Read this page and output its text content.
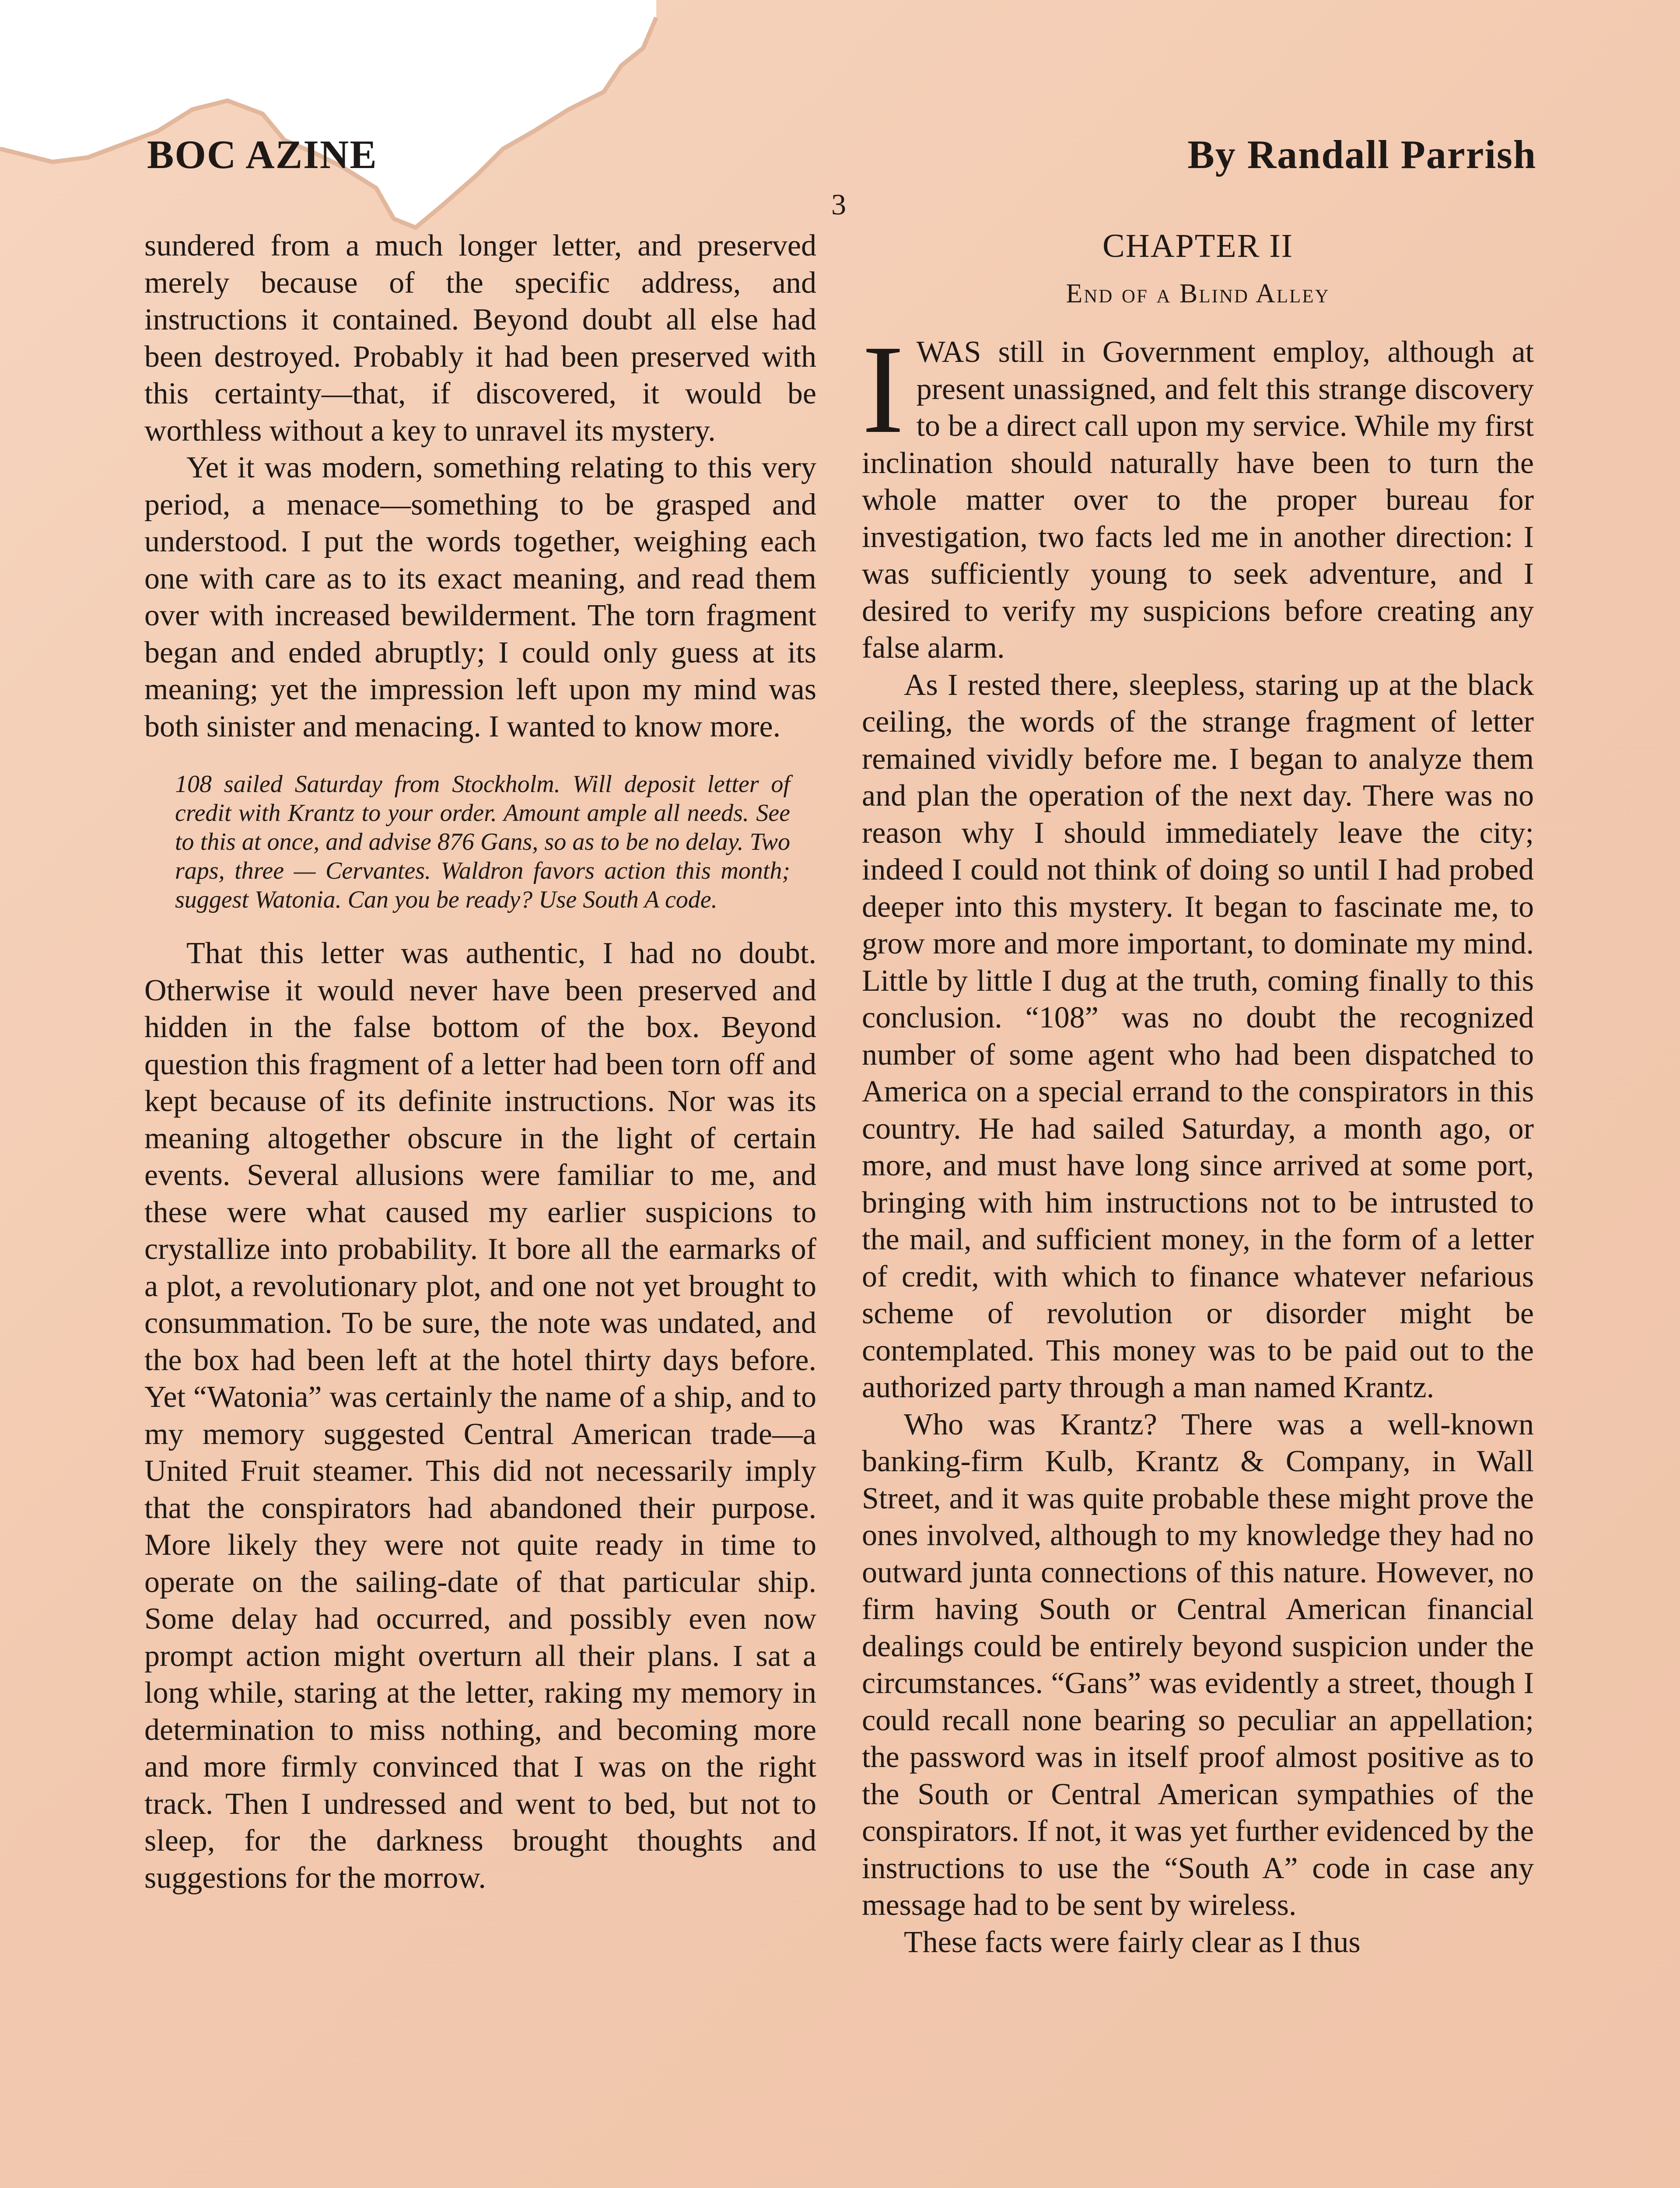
BOC AZINE	By Randall Parrish
3

sundered from a much longer letter, and preserved merely because of the specific address, and instructions it contained. Beyond doubt all else had been destroyed. Probably it had been preserved with this certainty—that, if discovered, it would be worthless without a key to unravel its mystery.

Yet it was modern, something relating to this very period, a menace—something to be grasped and understood. I put the words together, weighing each one with care as to its exact meaning, and read them over with increased bewilderment. The torn fragment began and ended abruptly; I could only guess at its meaning; yet the impression left upon my mind was both sinister and menacing. I wanted to know more.

108 sailed Saturday from Stockholm. Will deposit letter of credit with Krantz to your order. Amount ample all needs. See to this at once, and advise 876 Gans, so as to be no delay. Two raps, three — Cervantes. Waldron favors action this month; suggest Watonia. Can you be ready? Use South A code.

That this letter was authentic, I had no doubt. Otherwise it would never have been preserved and hidden in the false bottom of the box. Beyond question this fragment of a letter had been torn off and kept because of its definite instructions. Nor was its meaning altogether obscure in the light of certain events. Several allusions were familiar to me, and these were what caused my earlier suspicions to crystallize into probability. It bore all the earmarks of a plot, a revolutionary plot, and one not yet brought to consummation. To be sure, the note was undated, and the box had been left at the hotel thirty days before. Yet “Watonia” was certainly the name of a ship, and to my memory suggested Central American trade—a United Fruit steamer. This did not necessarily imply that the conspirators had abandoned their purpose. More likely they were not quite ready in time to operate on the sailing-date of that particular ship. Some delay had occurred, and possibly even now prompt action might overturn all their plans. I sat a long while, staring at the letter, raking my memory in determination to miss nothing, and becoming more and more firmly convinced that I was on the right track. Then I undressed and went to bed, but not to sleep, for the darkness brought thoughts and suggestions for the morrow.

CHAPTER II
End of a Blind Alley

IWAS still in Government employ, although at present unassigned, and felt this strange discovery to be a direct call upon my service. While my first inclination should naturally have been to turn the whole matter over to the proper bureau for investigation, two facts led me in another direction: I was sufficiently young to seek adventure, and I desired to verify my suspicions before creating any false alarm.

As I rested there, sleepless, staring up at the black ceiling, the words of the strange fragment of letter remained vividly before me. I began to analyze them and plan the operation of the next day. There was no reason why I should immediately leave the city; indeed I could not think of doing so until I had probed deeper into this mystery. It began to fascinate me, to grow more and more important, to dominate my mind. Little by little I dug at the truth, coming finally to this conclusion. “108” was no doubt the recognized number of some agent who had been dispatched to America on a special errand to the conspirators in this country. He had sailed Saturday, a month ago, or more, and must have long since arrived at some port, bringing with him instructions not to be intrusted to the mail, and sufficient money, in the form of a letter of credit, with which to finance whatever nefarious scheme of revolution or disorder might be contemplated. This money was to be paid out to the authorized party through a man named Krantz.

Who was Krantz? There was a well-known banking-firm Kulb, Krantz & Company, in Wall Street, and it was quite probable these might prove the ones involved, although to my knowledge they had no outward junta connections of this nature. However, no firm having South or Central American financial dealings could be entirely beyond suspicion under the circumstances. “Gans” was evidently a street, though I could recall none bearing so peculiar an appellation; the password was in itself proof almost positive as to the South or Central American sympathies of the conspirators. If not, it was yet further evidenced by the instructions to use the “South A” code in case any message had to be sent by wireless.

These facts were fairly clear as I thus
